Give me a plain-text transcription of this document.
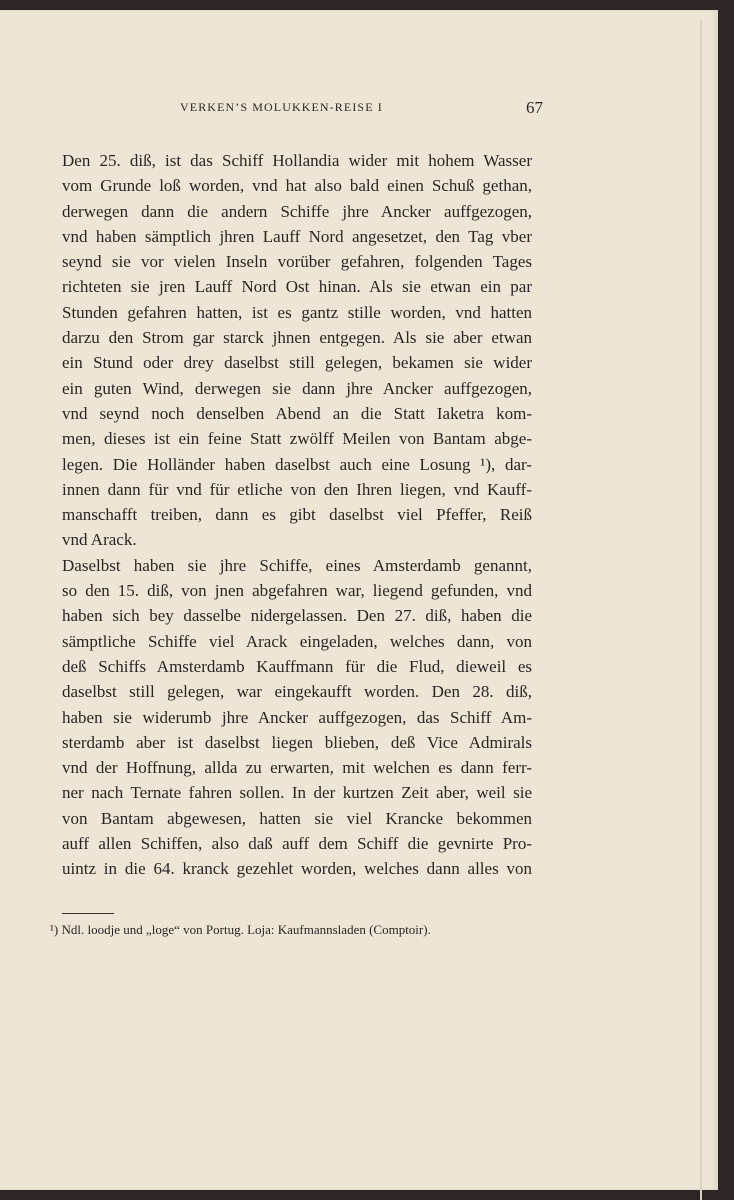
VERKEN’S MOLUKKEN-REISE I	67
Den 25. diß, ist das Schiff Hollandia wider mit hohem Wasser
vom Grunde loß worden, vnd hat also bald einen Schuß gethan,
derwegen dann die andern Schiffe jhre Ancker auffgezogen,
vnd haben sämptlich jhren Lauff Nord angesetzet, den Tag vber
seynd sie vor vielen Inseln vorüber gefahren, folgenden Tages
richteten sie jren Lauff Nord Ost hinan. Als sie etwan ein par
Stunden gefahren hatten, ist es gantz stille worden, vnd hatten
darzu den Strom gar starck jhnen entgegen. Als sie aber etwan
ein Stund oder drey daselbst still gelegen, bekamen sie wider
ein guten Wind, derwegen sie dann jhre Ancker auffgezogen,
vnd seynd noch denselben Abend an die Statt Iaketra kom-
men, dieses ist ein feine Statt zwölff Meilen von Bantam abge-
legen. Die Holländer haben daselbst auch eine Losung ¹), dar-
innen dann für vnd für etliche von den Ihren liegen, vnd Kauff-
manschafft treiben, dann es gibt daselbst viel Pfeffer, Reiß
vnd Arack.
Daselbst haben sie jhre Schiffe, eines Amsterdamb genannt,
so den 15. diß, von jnen abgefahren war, liegend gefunden, vnd
haben sich bey dasselbe nidergelassen. Den 27. diß, haben die
sämptliche Schiffe viel Arack eingeladen, welches dann, von
deß Schiffs Amsterdamb Kauffmann für die Flud, dieweil es
daselbst still gelegen, war eingekaufft worden. Den 28. diß,
haben sie widerumb jhre Ancker auffgezogen, das Schiff Am-
sterdamb aber ist daselbst liegen blieben, deß Vice Admirals
vnd der Hoffnung, allda zu erwarten, mit welchen es dann ferr-
ner nach Ternate fahren sollen. In der kurtzen Zeit aber, weil sie
von Bantam abgewesen, hatten sie viel Krancke bekommen
auff allen Schiffen, also daß auff dem Schiff die gevnirte Pro-
uintz in die 64. kranck gezehlet worden, welches dann alles von
¹) Ndl. loodje und „loge“ von Portug. Loja: Kaufmannsladen (Comptoir).
